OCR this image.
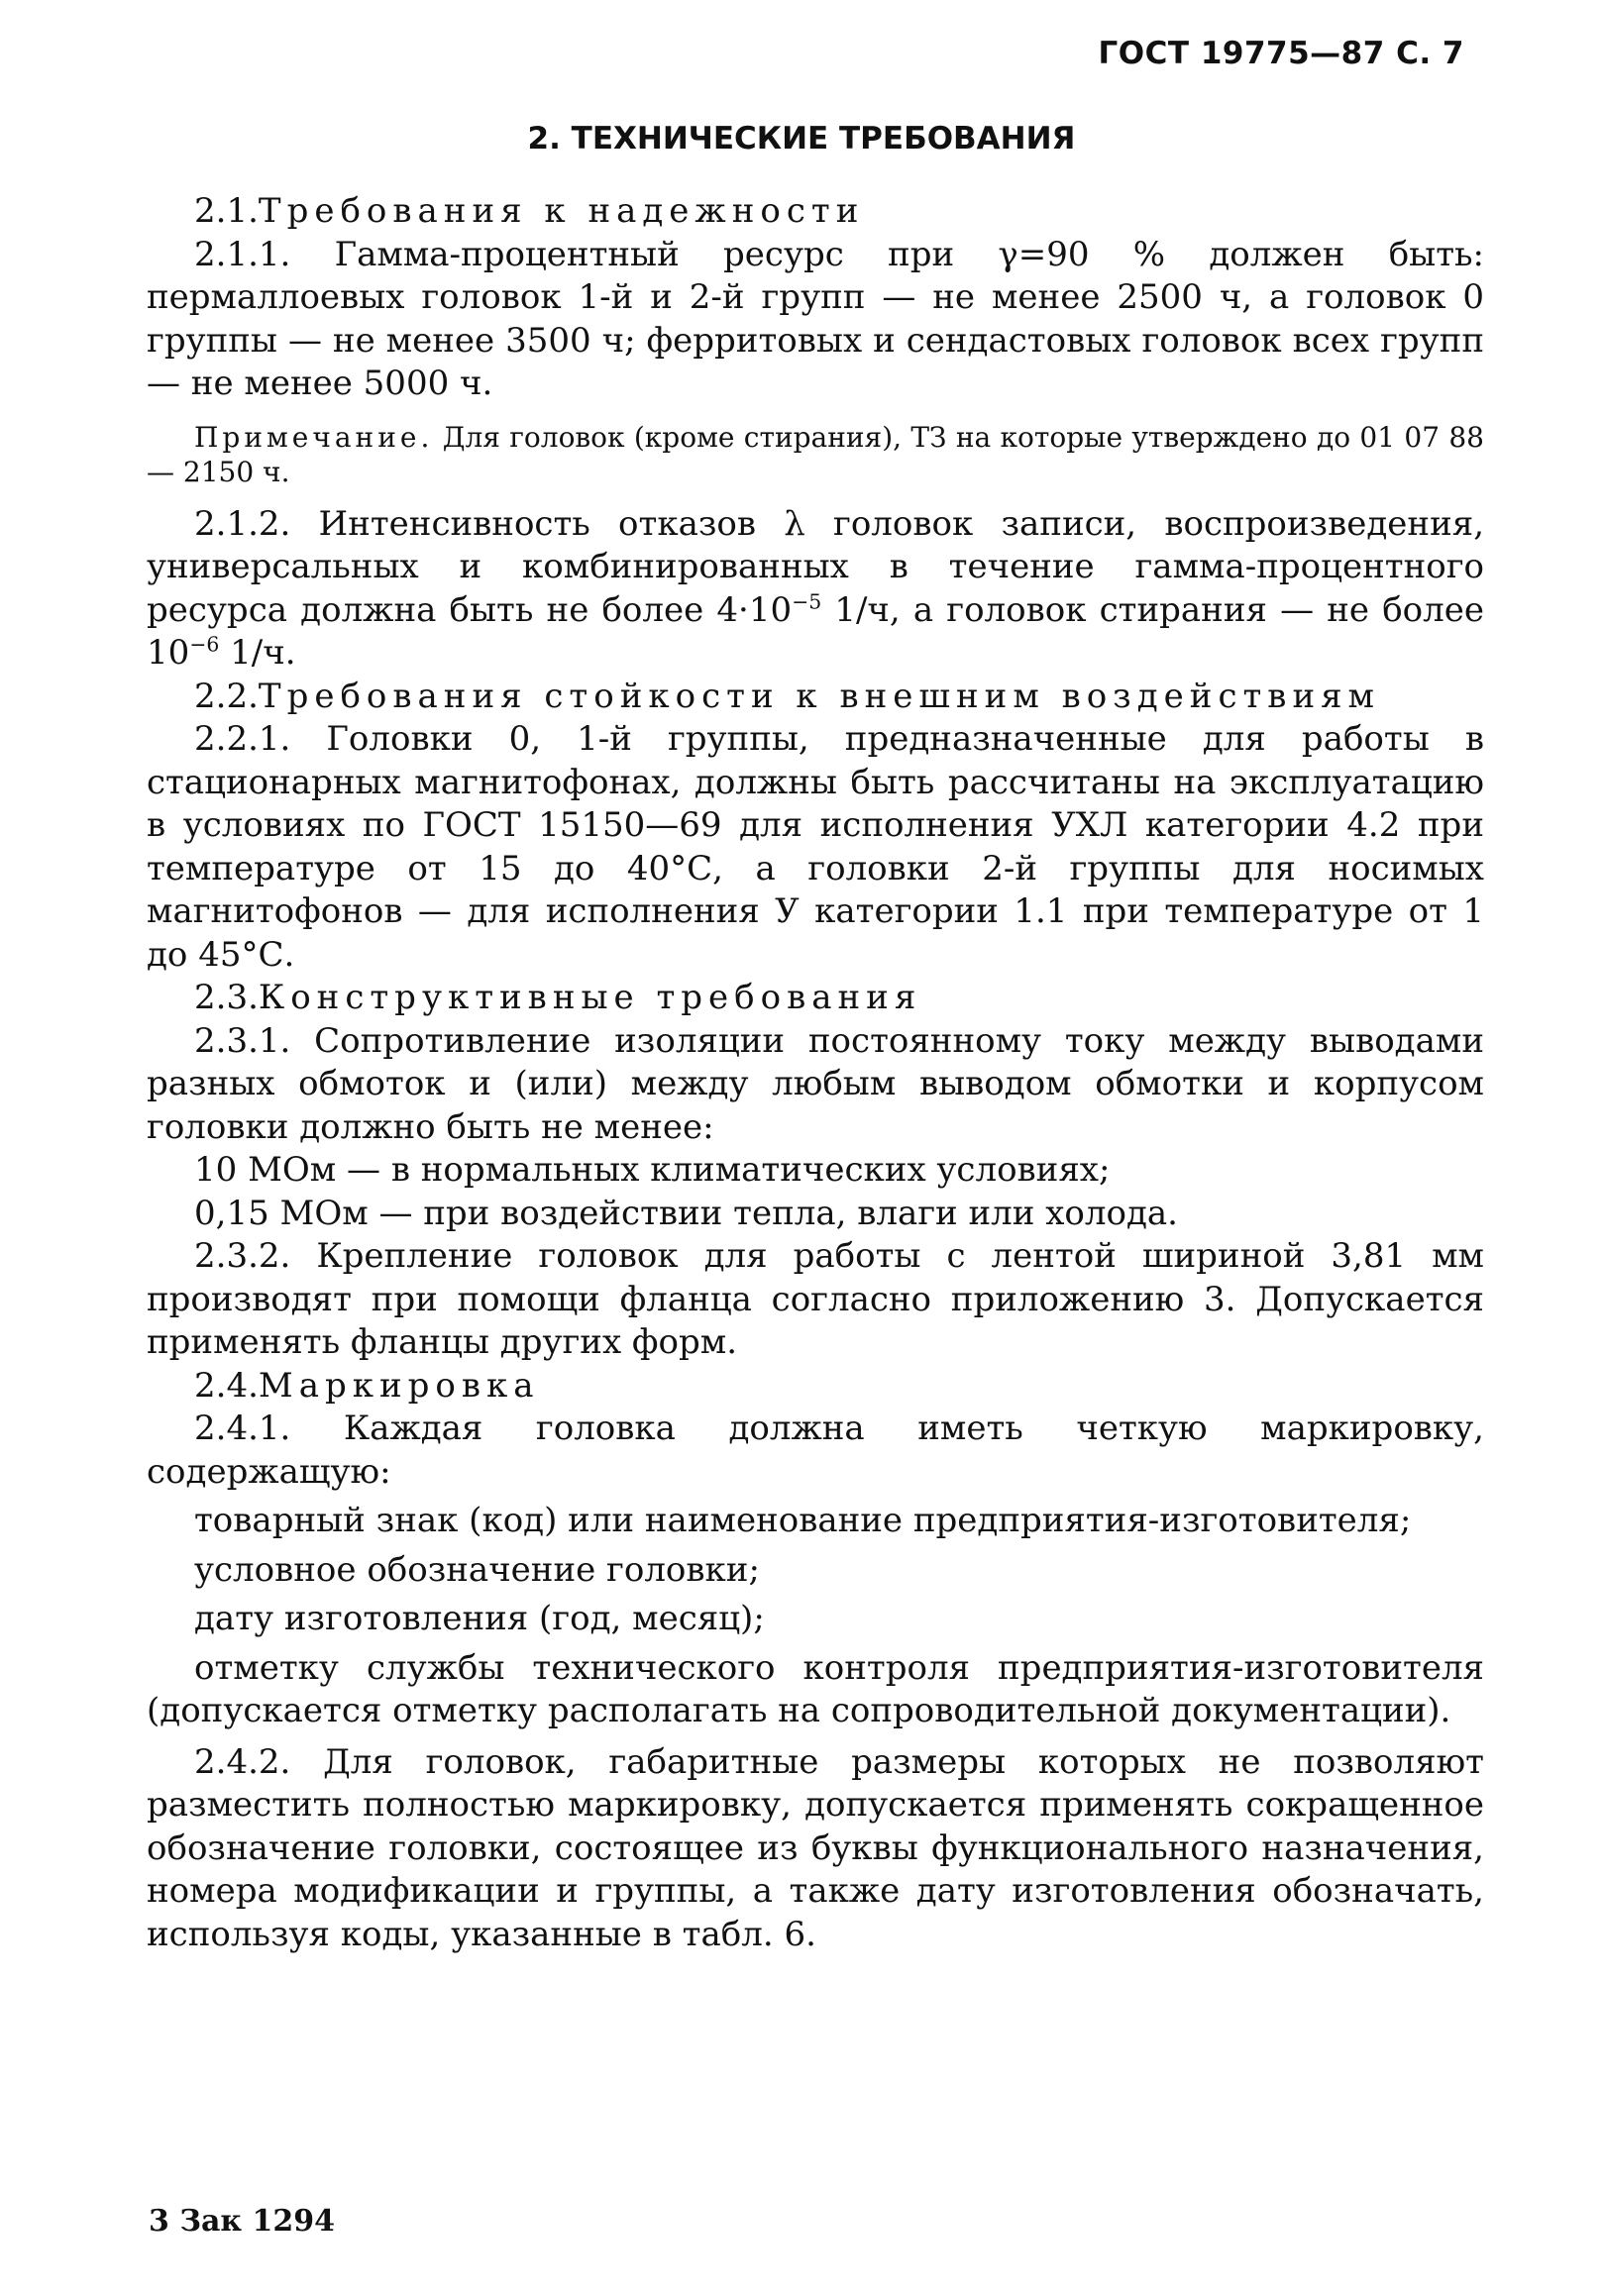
ГОСТ 19775—87 С. 7
2. ТЕХНИЧЕСКИЕ ТРЕБОВАНИЯ

2.1.Требования к надежности

2.1.1. Гамма-процентный ресурс при γ=90 % должен быть: пермаллоевых головок 1-й и 2-й групп — не менее 2500 ч, а головок 0 группы — не менее 3500 ч; ферритовых и сендастовых головок всех групп — не менее 5000 ч.

Примечание. Для головок (кроме стирания), ТЗ на которые утверждено до 01 07 88 — 2150 ч.

2.1.2. Интенсивность отказов λ головок записи, воспроизведения, универсальных и комбинированных в течение гамма-процентного ресурса должна быть не более $4\cdot 10^{-5}$ 1/ч, а головок стирания — не более $10^{-6}$ 1/ч.

2.2.Требования стойкости к внешним воздействиям

2.2.1. Головки 0, 1-й группы, предназначенные для работы в стационарных магнитофонах, должны быть рассчитаны на эксплуатацию в условиях по ГОСТ 15150—69 для исполнения УХЛ категории 4.2 при температуре от 15 до 40°С, а головки 2-й группы для носимых магнитофонов — для исполнения У категории 1.1 при температуре от 1 до 45°С.

2.3.Конструктивные требования

2.3.1. Сопротивление изоляции постоянному току между выводами разных обмоток и (или) между любым выводом обмотки и корпусом головки должно быть не менее:

10 МОм — в нормальных климатических условиях;

0,15 МОм — при воздействии тепла, влаги или холода.

2.3.2. Крепление головок для работы с лентой шириной 3,81 мм производят при помощи фланца согласно приложению 3. Допускается применять фланцы других форм.

2.4.Маркировка

2.4.1. Каждая головка должна иметь четкую маркировку, содержащую:

товарный знак (код) или наименование предприятия-изготовителя;

условное обозначение головки;

дату изготовления (год, месяц);

отметку службы технического контроля предприятия-изготовителя (допускается отметку располагать на сопроводительной документации).

2.4.2. Для головок, габаритные размеры которых не позволяют разместить полностью маркировку, допускается применять сокращенное обозначение головки, состоящее из буквы функционального назначения, номера модификации и группы, а также дату изготовления обозначать, используя коды, указанные в табл. 6.

3 Зак 1294
